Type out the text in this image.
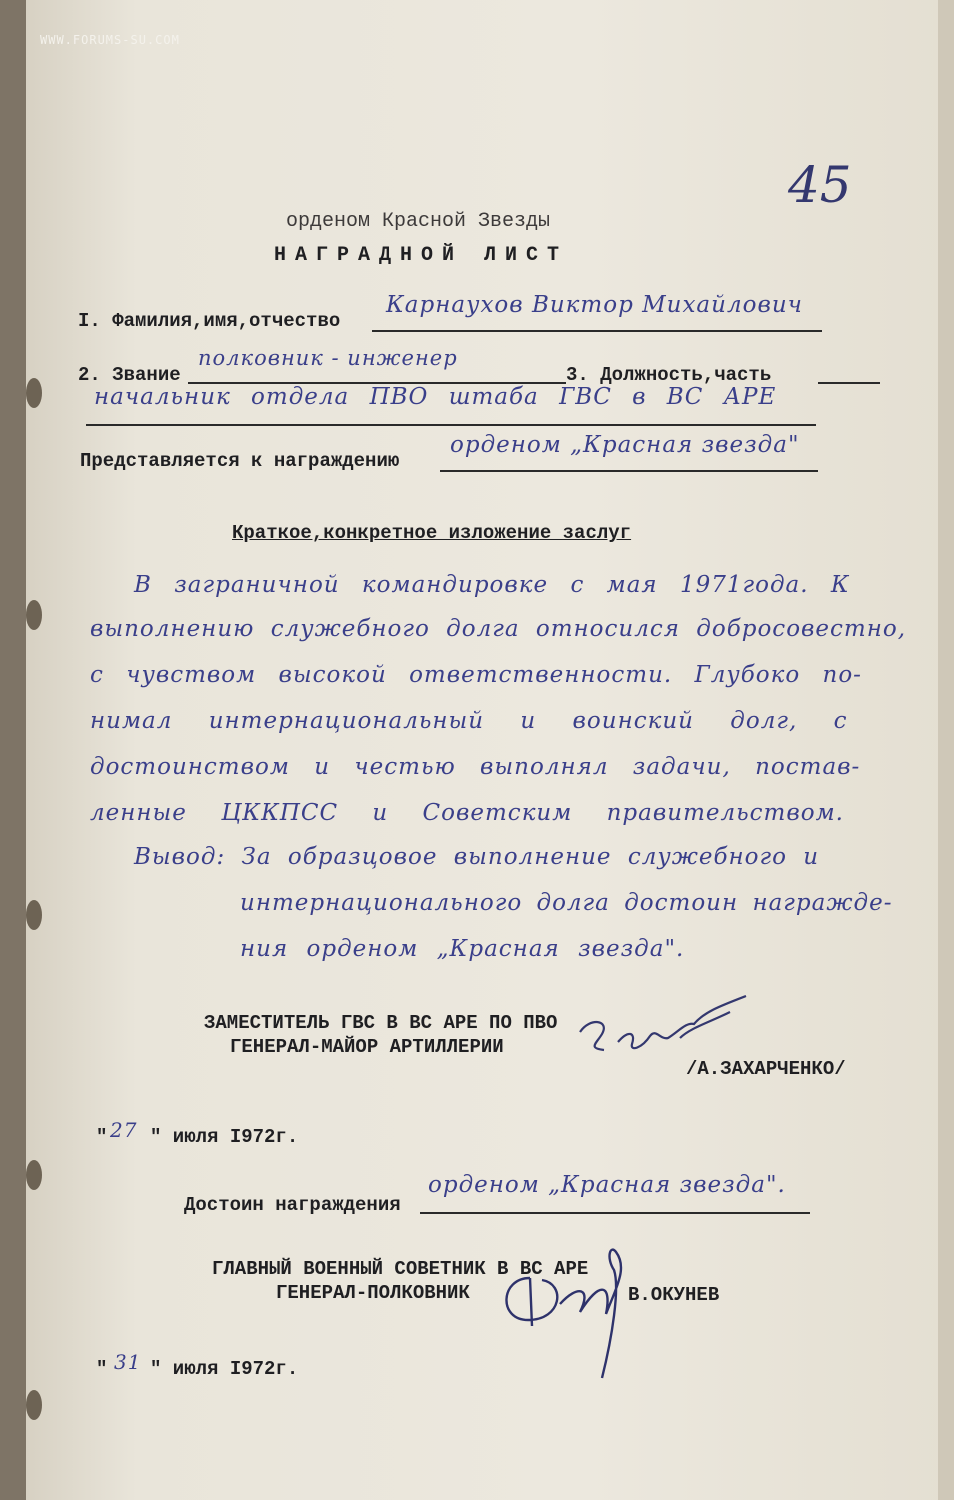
WWW.FORUMS-SU.COM
45
орденом Красной Звезды
НАГРАДНОЙ ЛИСТ
I. Фамилия,имя,отчество
Карнаухов Виктор Михайлович
2. Звание
полковник - инженер
3. Должность,часть
начальник отдела ПВО штаба ГВС в ВС АРЕ
Представляется к награждению
орденом „Красная звезда"
Краткое,конкретное изложение заслуг
В заграничной командировке с мая 1971года. К
выполнению служебного долга относился добросовестно,
с чувством высокой ответственности. Глубоко по-
нимал интернациональный и воинский долг, с
достоинством и честью выполнял задачи, постав-
ленные ЦККПСС и Советским правительством.
Вывод: За образцовое выполнение служебного и
интернационального долга достоин награжде-
ния орденом „Красная звезда".
ЗАМЕСТИТЕЛЬ ГВС В ВС АРЕ ПО ПВО
ГЕНЕРАЛ-МАЙОР АРТИЛЛЕРИИ
/А.ЗАХАРЧЕНКО/
" 27 " июля I972г.
Достоин награждения
орденом „Красная звезда".
ГЛАВНЫЙ ВОЕННЫЙ СОВЕТНИК В ВС АРЕ
ГЕНЕРАЛ-ПОЛКОВНИК	В.ОКУНЕВ
" 31 " июля I972г.
